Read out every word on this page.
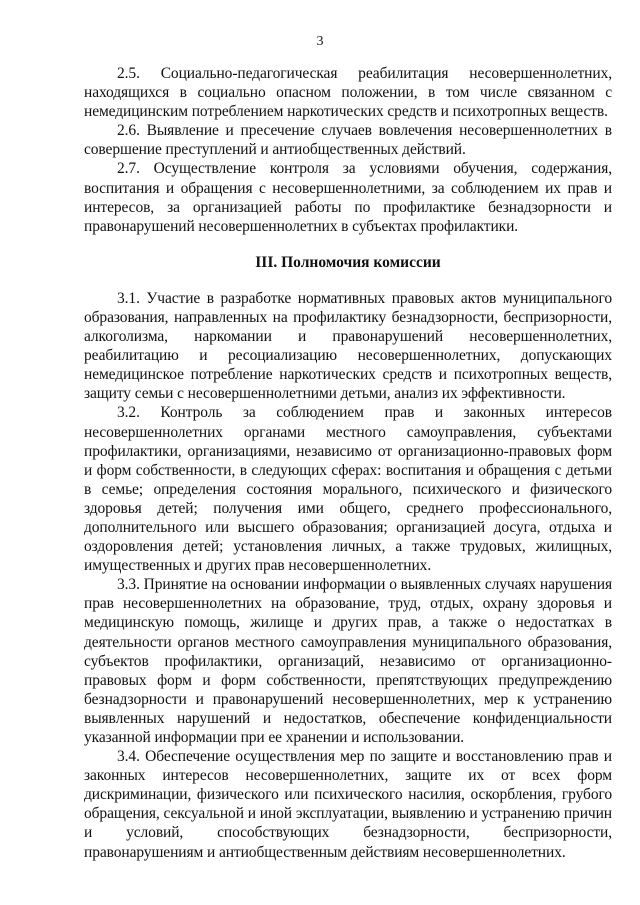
3

2.5. Социально-педагогическая реабилитация несовершеннолетних, находящихся в социально опасном положении, в том числе связанном с немедицинским потреблением наркотических средств и психотропных веществ.

2.6. Выявление и пресечение случаев вовлечения несовершеннолетних в совершение преступлений и антиобщественных действий.

2.7. Осуществление контроля за условиями обучения, содержания, воспитания и обращения с несовершеннолетними, за соблюдением их прав и интересов, за организацией работы по профилактике безнадзорности и правонарушений несовершеннолетних в субъектах профилактики.

III. Полномочия комиссии

3.1. Участие в разработке нормативных правовых актов муниципального образования, направленных на профилактику безнадзорности, беспризорности, алкоголизма, наркомании и правонарушений несовершеннолетних, реабилитацию и ресоциализацию несовершеннолетних, допускающих немедицинское потребление наркотических средств и психотропных веществ, защиту семьи с несовершеннолетними детьми, анализ их эффективности.

3.2. Контроль за соблюдением прав и законных интересов несовершеннолетних органами местного самоуправления, субъектами профилактики, организациями, независимо от организационно-правовых форм и форм собственности, в следующих сферах: воспитания и обращения с детьми в семье; определения состояния морального, психического и физического здоровья детей; получения ими общего, среднего профессионального, дополнительного или высшего образования; организацией досуга, отдыха и оздоровления детей; установления личных, а также трудовых, жилищных, имущественных и других прав несовершеннолетних.

3.3. Принятие на основании информации о выявленных случаях нарушения прав несовершеннолетних на образование, труд, отдых, охрану здоровья и медицинскую помощь, жилище и других прав, а также о недостатках в деятельности органов местного самоуправления муниципального образования, субъектов профилактики, организаций, независимо от организационно-правовых форм и форм собственности, препятствующих предупреждению безнадзорности и правонарушений несовершеннолетних, мер к устранению выявленных нарушений и недостатков, обеспечение конфиденциальности указанной информации при ее хранении и использовании.

3.4. Обеспечение осуществления мер по защите и восстановлению прав и законных интересов несовершеннолетних, защите их от всех форм дискриминации, физического или психического насилия, оскорбления, грубого обращения, сексуальной и иной эксплуатации, выявлению и устранению причин и условий, способствующих безнадзорности, беспризорности, правонарушениям и антиобщественным действиям несовершеннолетних.
